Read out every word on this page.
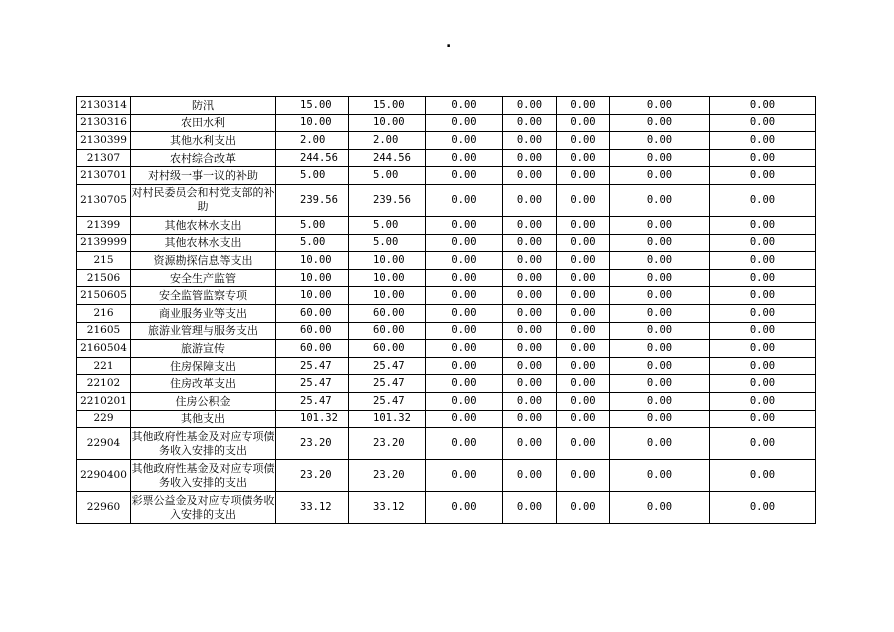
.
2130314	防汛	15.00	15.00	0.00	0.00	0.00	0.00	0.00
2130316	农田水利	10.00	10.00	0.00	0.00	0.00	0.00	0.00
2130399	其他水利支出	2.00	2.00	0.00	0.00	0.00	0.00	0.00
21307	农村综合改革	244.56	244.56	0.00	0.00	0.00	0.00	0.00
2130701	对村级一事一议的补助	5.00	5.00	0.00	0.00	0.00	0.00	0.00
2130705	对村民委员会和村党支部的补助	239.56	239.56	0.00	0.00	0.00	0.00	0.00
21399	其他农林水支出	5.00	5.00	0.00	0.00	0.00	0.00	0.00
2139999	其他农林水支出	5.00	5.00	0.00	0.00	0.00	0.00	0.00
215	资源勘探信息等支出	10.00	10.00	0.00	0.00	0.00	0.00	0.00
21506	安全生产监管	10.00	10.00	0.00	0.00	0.00	0.00	0.00
2150605	安全监管监察专项	10.00	10.00	0.00	0.00	0.00	0.00	0.00
216	商业服务业等支出	60.00	60.00	0.00	0.00	0.00	0.00	0.00
21605	旅游业管理与服务支出	60.00	60.00	0.00	0.00	0.00	0.00	0.00
2160504	旅游宣传	60.00	60.00	0.00	0.00	0.00	0.00	0.00
221	住房保障支出	25.47	25.47	0.00	0.00	0.00	0.00	0.00
22102	住房改革支出	25.47	25.47	0.00	0.00	0.00	0.00	0.00
2210201	住房公积金	25.47	25.47	0.00	0.00	0.00	0.00	0.00
229	其他支出	101.32	101.32	0.00	0.00	0.00	0.00	0.00
22904	其他政府性基金及对应专项债务收入安排的支出	23.20	23.20	0.00	0.00	0.00	0.00	0.00
2290400	其他政府性基金及对应专项债务收入安排的支出	23.20	23.20	0.00	0.00	0.00	0.00	0.00
22960	彩票公益金及对应专项债务收入安排的支出	33.12	33.12	0.00	0.00	0.00	0.00	0.00
